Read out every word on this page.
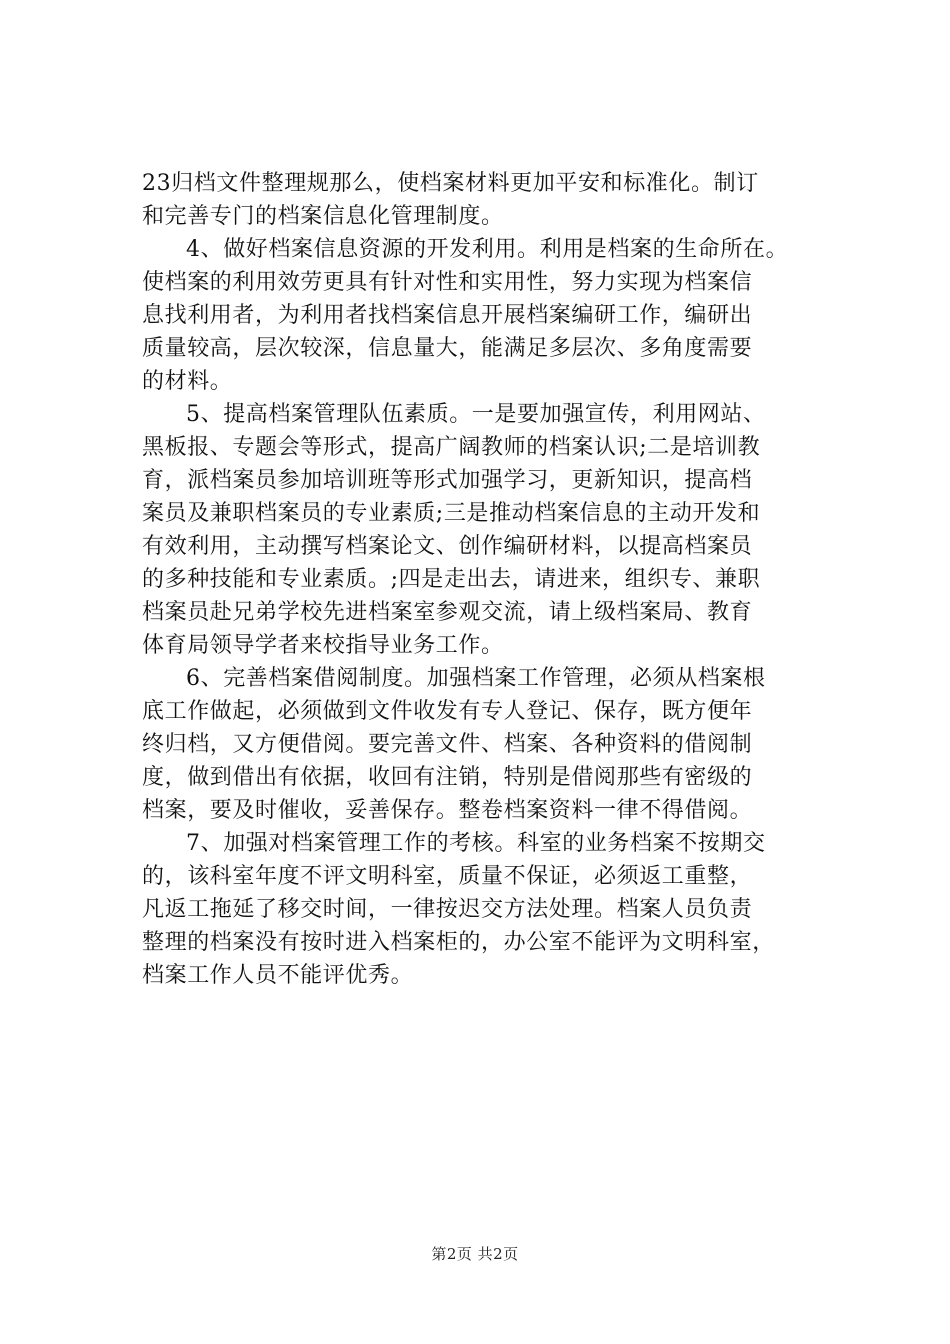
23归档文件整理规那么，使档案材料更加平安和标准化。制订
和完善专门的档案信息化管理制度。
4、做好档案信息资源的开发利用。利用是档案的生命所在。
使档案的利用效劳更具有针对性和实用性，努力实现为档案信
息找利用者，为利用者找档案信息开展档案编研工作，编研出
质量较高，层次较深，信息量大，能满足多层次、多角度需要
的材料。
5、提高档案管理队伍素质。一是要加强宣传，利用网站、
黑板报、专题会等形式，提高广阔教师的档案认识;二是培训教
育，派档案员参加培训班等形式加强学习，更新知识，提高档
案员及兼职档案员的专业素质;三是推动档案信息的主动开发和
有效利用，主动撰写档案论文、创作编研材料，以提高档案员
的多种技能和专业素质。;四是走出去，请进来，组织专、兼职
档案员赴兄弟学校先进档案室参观交流，请上级档案局、教育
体育局领导学者来校指导业务工作。
6、完善档案借阅制度。加强档案工作管理，必须从档案根
底工作做起，必须做到文件收发有专人登记、保存，既方便年
终归档，又方便借阅。要完善文件、档案、各种资料的借阅制
度，做到借出有依据，收回有注销，特别是借阅那些有密级的
档案，要及时催收，妥善保存。整卷档案资料一律不得借阅。
7、加强对档案管理工作的考核。科室的业务档案不按期交
的，该科室年度不评文明科室，质量不保证，必须返工重整，
凡返工拖延了移交时间，一律按迟交方法处理。档案人员负责
整理的档案没有按时进入档案柜的，办公室不能评为文明科室，
档案工作人员不能评优秀。
第2页 共2页
